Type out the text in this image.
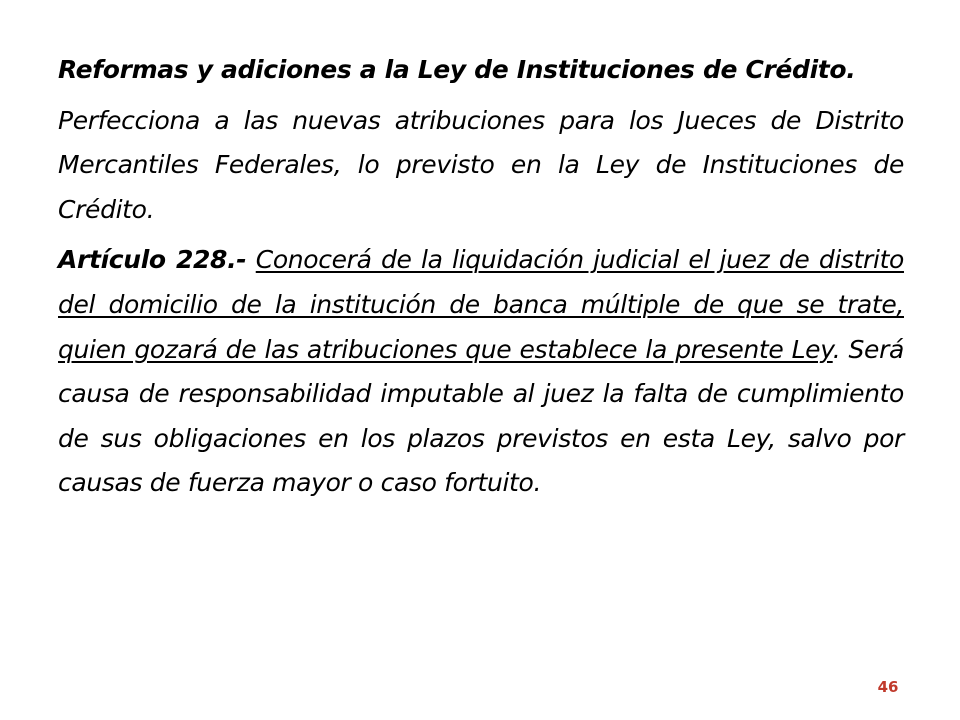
Reformas y adiciones a la Ley de Instituciones de Crédito.

Perfecciona a las nuevas atribuciones para los Jueces de Distrito Mercantiles Federales, lo previsto en la Ley de Instituciones de Crédito.

Artículo 228.- Conocerá de la liquidación judicial el juez de distrito del domicilio de la institución de banca múltiple de que se trate, quien gozará de las atribuciones que establece la presente Ley. Será causa de responsabilidad imputable al juez la falta de cumplimiento de sus obligaciones en los plazos previstos en esta Ley, salvo por causas de fuerza mayor o caso fortuito.

46
